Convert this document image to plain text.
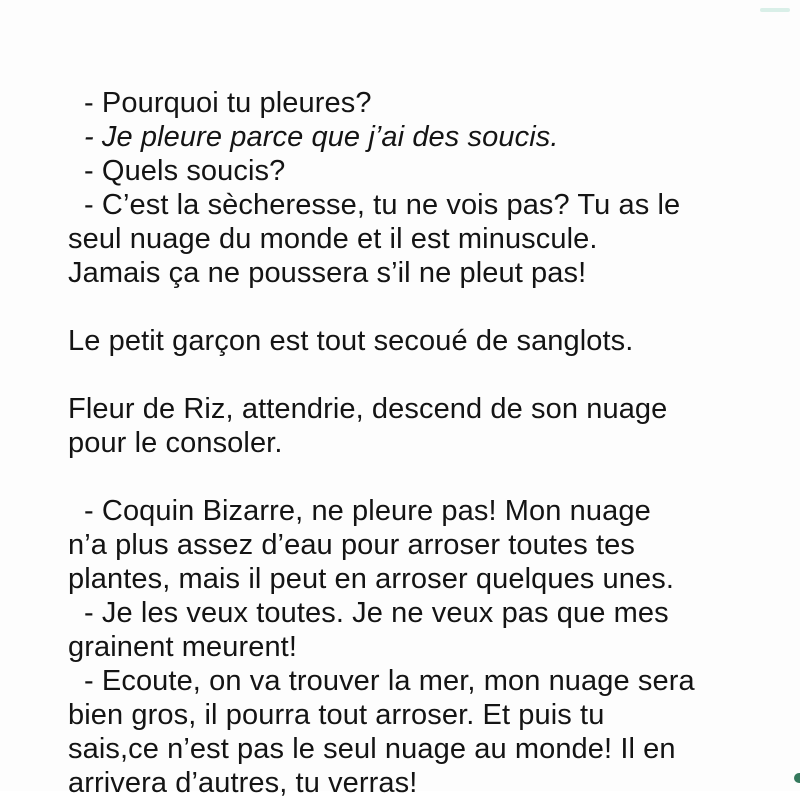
- Pourquoi tu pleures?
- Je pleure parce que j’ai des soucis.
- Quels soucis?
- C’est la sècheresse, tu ne vois pas? Tu as le
seul nuage du monde et il est minuscule.
Jamais ça ne poussera s’il ne pleut pas!
Le petit garçon est tout secoué de sanglots.
Fleur de Riz, attendrie, descend de son nuage
pour le consoler.
- Coquin Bizarre, ne pleure pas! Mon nuage
n’a plus assez d’eau pour arroser toutes tes
plantes, mais il peut en arroser quelques unes.
- Je les veux toutes. Je ne veux pas que mes
grainent meurent!
- Ecoute, on va trouver la mer, mon nuage sera
bien gros, il pourra tout arroser. Et puis tu
sais,ce n’est pas le seul nuage au monde! Il en
arrivera d’autres, tu verras!
